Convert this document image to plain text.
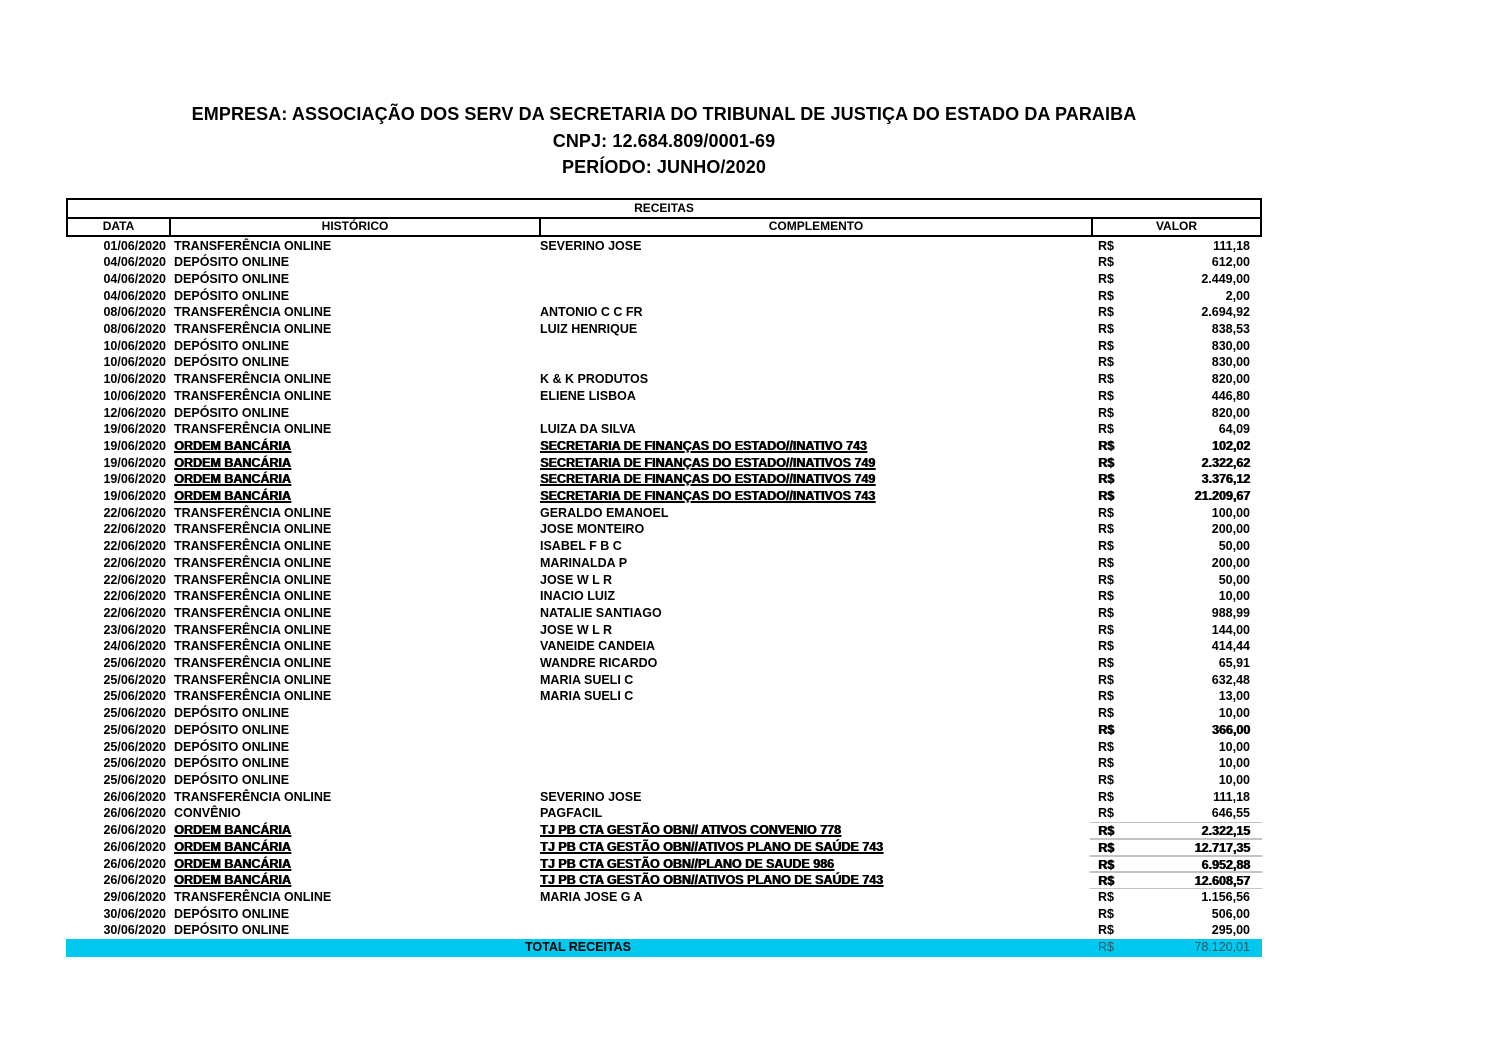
EMPRESA: ASSOCIAÇÃO DOS SERV DA SECRETARIA DO TRIBUNAL DE JUSTIÇA DO ESTADO DA PARAIBA
CNPJ: 12.684.809/0001-69
PERÍODO: JUNHO/2020
RECEITAS
DATA	HISTÓRICO	COMPLEMENTO	VALOR
01/06/2020 TRANSFERÊNCIA ONLINE	SEVERINO JOSE	R$	111,18
04/06/2020 DEPÓSITO ONLINE	R$	612,00
04/06/2020 DEPÓSITO ONLINE	R$	2.449,00
04/06/2020 DEPÓSITO ONLINE	R$	2,00
08/06/2020 TRANSFERÊNCIA ONLINE	ANTONIO C C FR	R$	2.694,92
08/06/2020 TRANSFERÊNCIA ONLINE	LUIZ HENRIQUE	R$	838,53
10/06/2020 DEPÓSITO ONLINE	R$	830,00
10/06/2020 DEPÓSITO ONLINE	R$	830,00
10/06/2020 TRANSFERÊNCIA ONLINE	K & K PRODUTOS	R$	820,00
10/06/2020 TRANSFERÊNCIA ONLINE	ELIENE LISBOA	R$	446,80
12/06/2020 DEPÓSITO ONLINE	R$	820,00
19/06/2020 TRANSFERÊNCIA ONLINE	LUIZA DA SILVA	R$	64,09
19/06/2020 ORDEM BANCÁRIA	SECRETARIA DE FINANÇAS DO ESTADO//INATIVO 743	R$	102,02
19/06/2020 ORDEM BANCÁRIA	SECRETARIA DE FINANÇAS DO ESTADO//INATIVOS 749	R$	2.322,62
19/06/2020 ORDEM BANCÁRIA	SECRETARIA DE FINANÇAS DO ESTADO//INATIVOS 749	R$	3.376,12
19/06/2020 ORDEM BANCÁRIA	SECRETARIA DE FINANÇAS DO ESTADO//INATIVOS 743	R$	21.209,67
22/06/2020 TRANSFERÊNCIA ONLINE	GERALDO EMANOEL	R$	100,00
22/06/2020 TRANSFERÊNCIA ONLINE	JOSE MONTEIRO	R$	200,00
22/06/2020 TRANSFERÊNCIA ONLINE	ISABEL F B C	R$	50,00
22/06/2020 TRANSFERÊNCIA ONLINE	MARINALDA P	R$	200,00
22/06/2020 TRANSFERÊNCIA ONLINE	JOSE W L R	R$	50,00
22/06/2020 TRANSFERÊNCIA ONLINE	INACIO LUIZ	R$	10,00
22/06/2020 TRANSFERÊNCIA ONLINE	NATALIE SANTIAGO	R$	988,99
23/06/2020 TRANSFERÊNCIA ONLINE	JOSE W L R	R$	144,00
24/06/2020 TRANSFERÊNCIA ONLINE	VANEIDE CANDEIA	R$	414,44
25/06/2020 TRANSFERÊNCIA ONLINE	WANDRE RICARDO	R$	65,91
25/06/2020 TRANSFERÊNCIA ONLINE	MARIA SUELI C	R$	632,48
25/06/2020 TRANSFERÊNCIA ONLINE	MARIA SUELI C	R$	13,00
25/06/2020 DEPÓSITO ONLINE	R$	10,00
25/06/2020 DEPÓSITO ONLINE	R$	366,00
25/06/2020 DEPÓSITO ONLINE	R$	10,00
25/06/2020 DEPÓSITO ONLINE	R$	10,00
25/06/2020 DEPÓSITO ONLINE	R$	10,00
26/06/2020 TRANSFERÊNCIA ONLINE	SEVERINO JOSE	R$	111,18
26/06/2020 CONVÊNIO	PAGFACIL	R$	646,55
26/06/2020 ORDEM BANCÁRIA	TJ PB CTA GESTÃO OBN// ATIVOS CONVENIO 778	R$	2.322,15
26/06/2020 ORDEM BANCÁRIA	TJ PB CTA GESTÃO OBN//ATIVOS PLANO DE SAÚDE 743	R$	12.717,35
26/06/2020 ORDEM BANCÁRIA	TJ PB CTA GESTÃO OBN//PLANO DE SAUDE 986	R$	6.952,88
26/06/2020 ORDEM BANCÁRIA	TJ PB CTA GESTÃO OBN//ATIVOS PLANO DE SAÚDE 743	R$	12.608,57
29/06/2020 TRANSFERÊNCIA ONLINE	MARIA JOSE G A	R$	1.156,56
30/06/2020 DEPÓSITO ONLINE	R$	506,00
30/06/2020 DEPÓSITO ONLINE	R$	295,00
TOTAL RECEITAS	R$	78.120,01
